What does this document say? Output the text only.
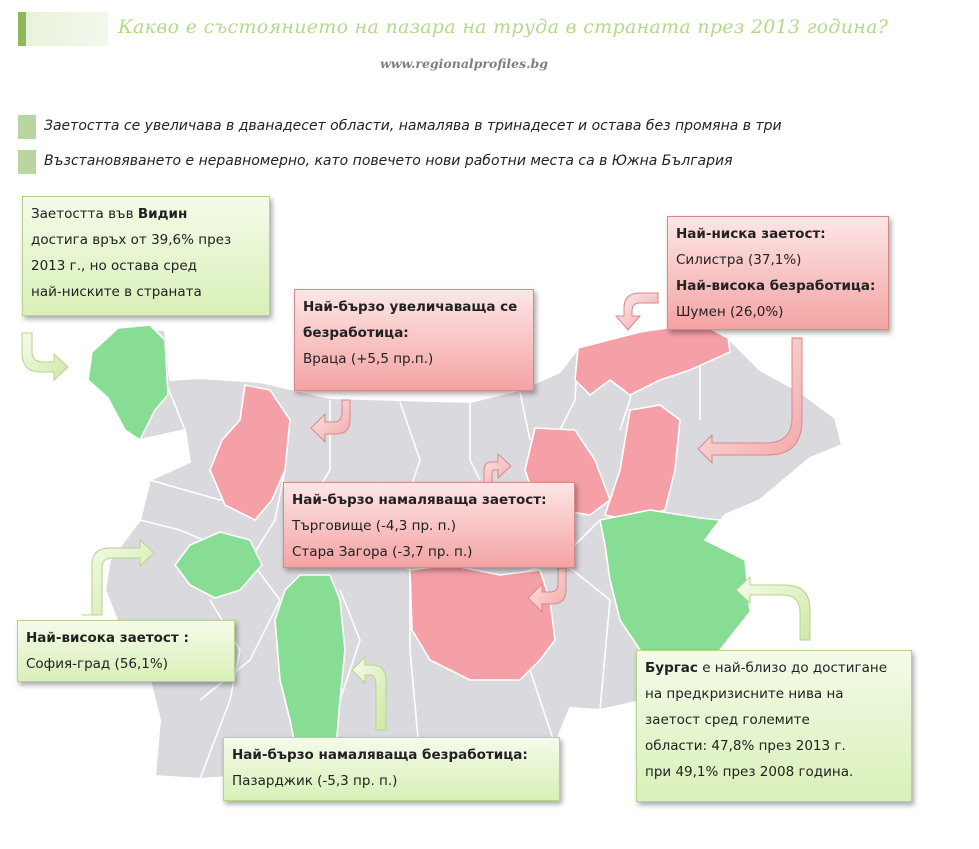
Какво е състоянието на пазара на труда в страната през 2013 година?
www.regionalprofiles.bg
Заетостта се увеличава в дванадесет области, намалява в тринадесет и остава без промяна в три
Възстановяването е неравномерно, като повечето нови работни места са в Южна България
Заетостта във Видин
достига връх от 39,6% през
2013 г., но остава сред
най-ниските в страната
Най-бързо увеличаваща се
безработица:
Враца (+5,5 пр.п.)
Най-ниска заетост:
Силистра (37,1%)
Най-висока безработица:
Шумен (26,0%)
Най-бързо намаляваща заетост:
Търговище (-4,3 пр. п.)
Стара Загора (-3,7 пр. п.)
Най-висока заетост :
София-град (56,1%)
Най-бързо намаляваща безработица:
Пазарджик (-5,3 пр. п.)
Бургас е най-близо до достигане
на предкризисните нива на
заетост сред големите
области: 47,8% през 2013 г.
при 49,1% през 2008 година.
